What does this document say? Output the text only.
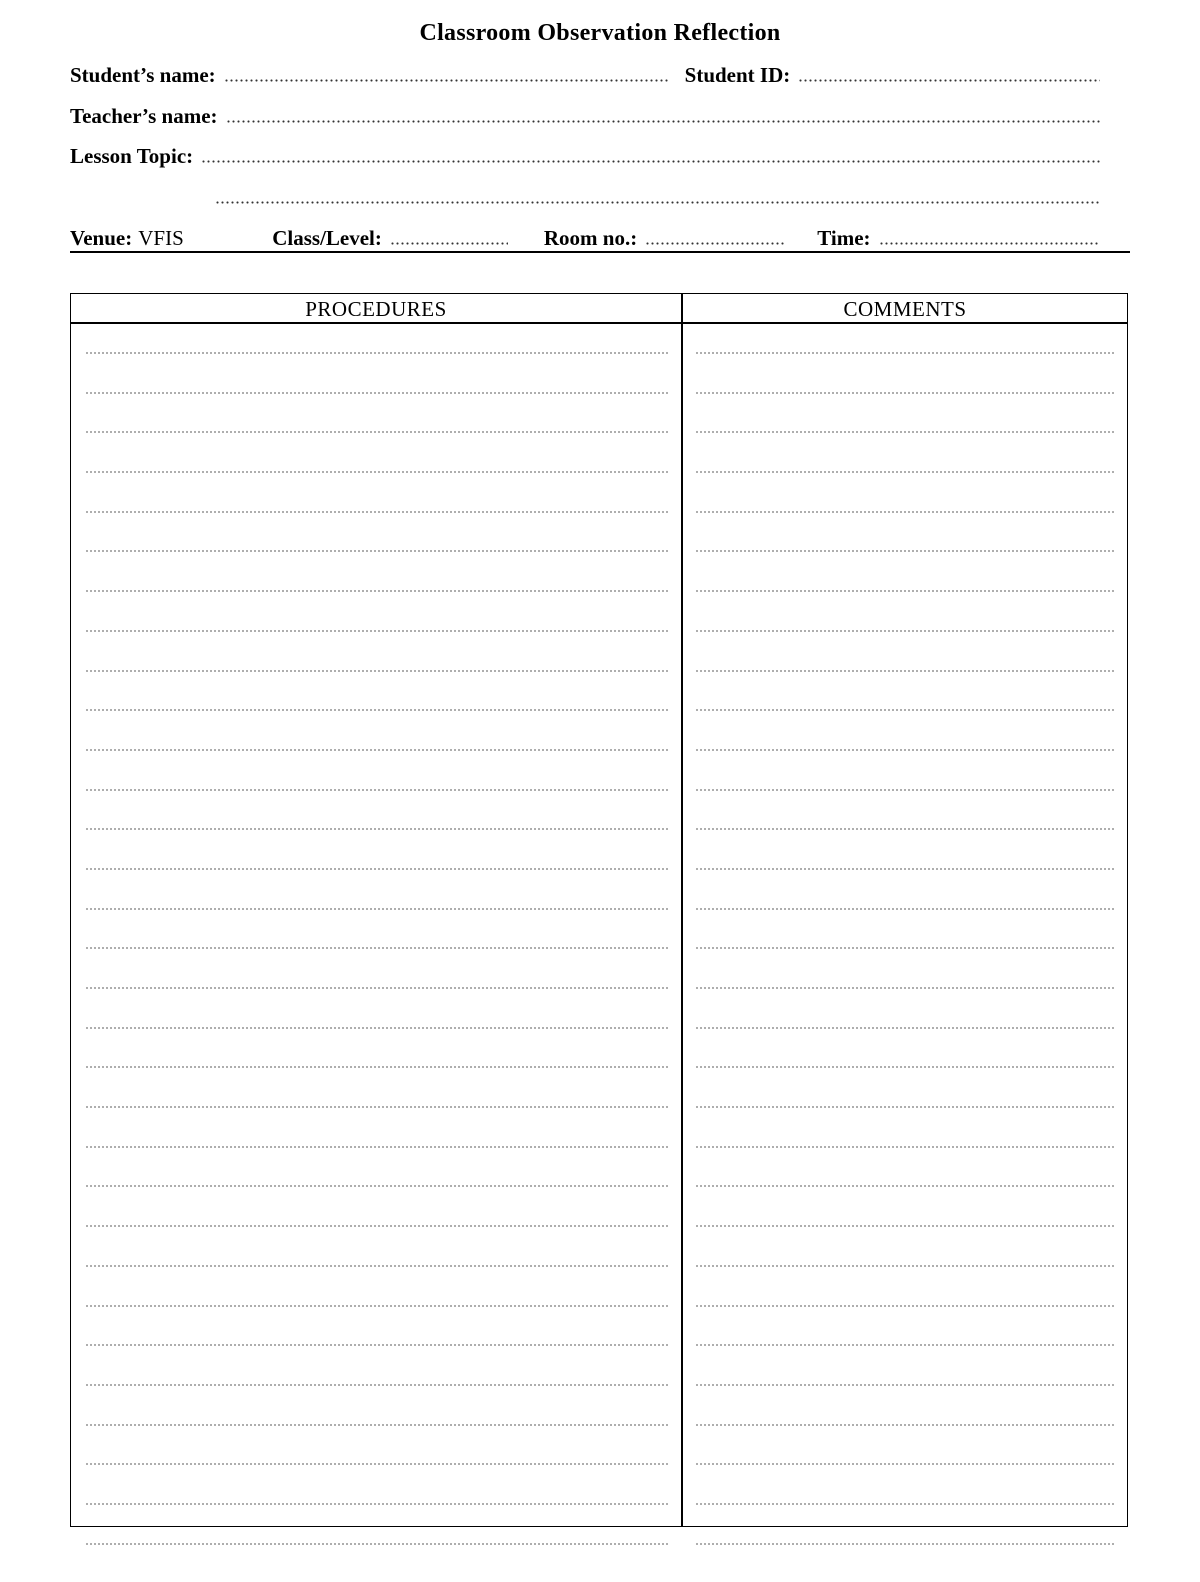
Classroom Observation Reflection
Student’s name:	Student ID:
Teacher’s name:
Lesson Topic:
Venue: VFIS	Class/Level:	Room no.:	Time:
PROCEDURES	COMMENTS
